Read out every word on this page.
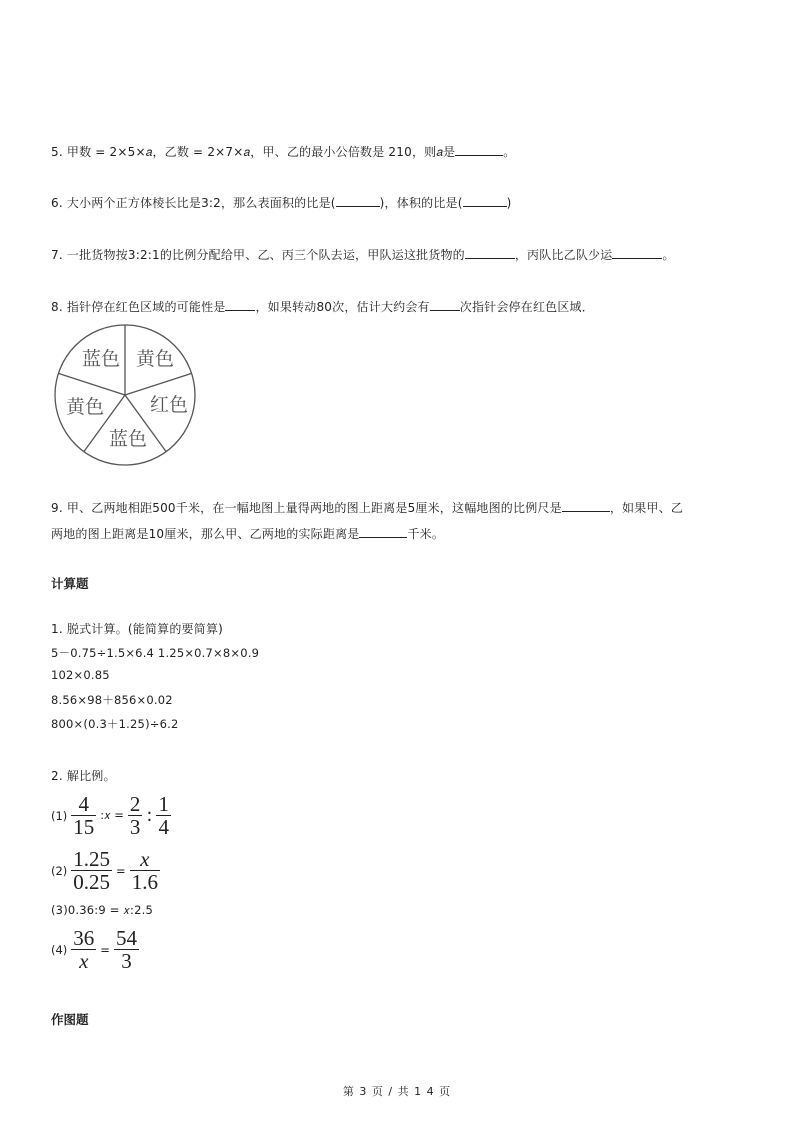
5. 甲数 = 2×5×𝑎，乙数 = 2×7×𝑎，甲、乙的最小公倍数是 210，则𝑎是	。
6. 大小两个正方体棱长比是3:2，那么表面积的比是(	)，体积的比是(	)
7. 一批货物按3:2:1的比例分配给甲、乙、丙三个队去运，甲队运这批货物的	，丙队比乙队少运	。
8. 指针停在红色区域的可能性是	，如果转动80次，估计大约会有	次指针会停在红色区域．
蓝色 黄色
红色
蓝色
黄色
9. 甲、乙两地相距500千米，在一幅地图上量得两地的图上距离是5厘米，这幅地图的比例尺是	，如果甲、乙
两地的图上距离是10厘米，那么甲、乙两地的实际距离是	千米。
计算题
1. 脱式计算。(能简算的要简算)
5－0.75÷1.5×6.4 1.25×0.7×8×0.9
102×0.85
8.56×98＋856×0.02
800×(0.3＋1.25)÷6.2
2. 解比例。
$(1) \frac{4}{15}$ :𝑥 = $\frac{2}{3}$ : $\frac{1}{4}$
$(2) \frac{1.25}{0.25} = \frac{x}{1.6}$
(3)0.36:9 = 𝑥:2.5
$(4) \frac{36}{x} = \frac{54}{3}$
作图题
第 3 页 / 共 1 4 页
